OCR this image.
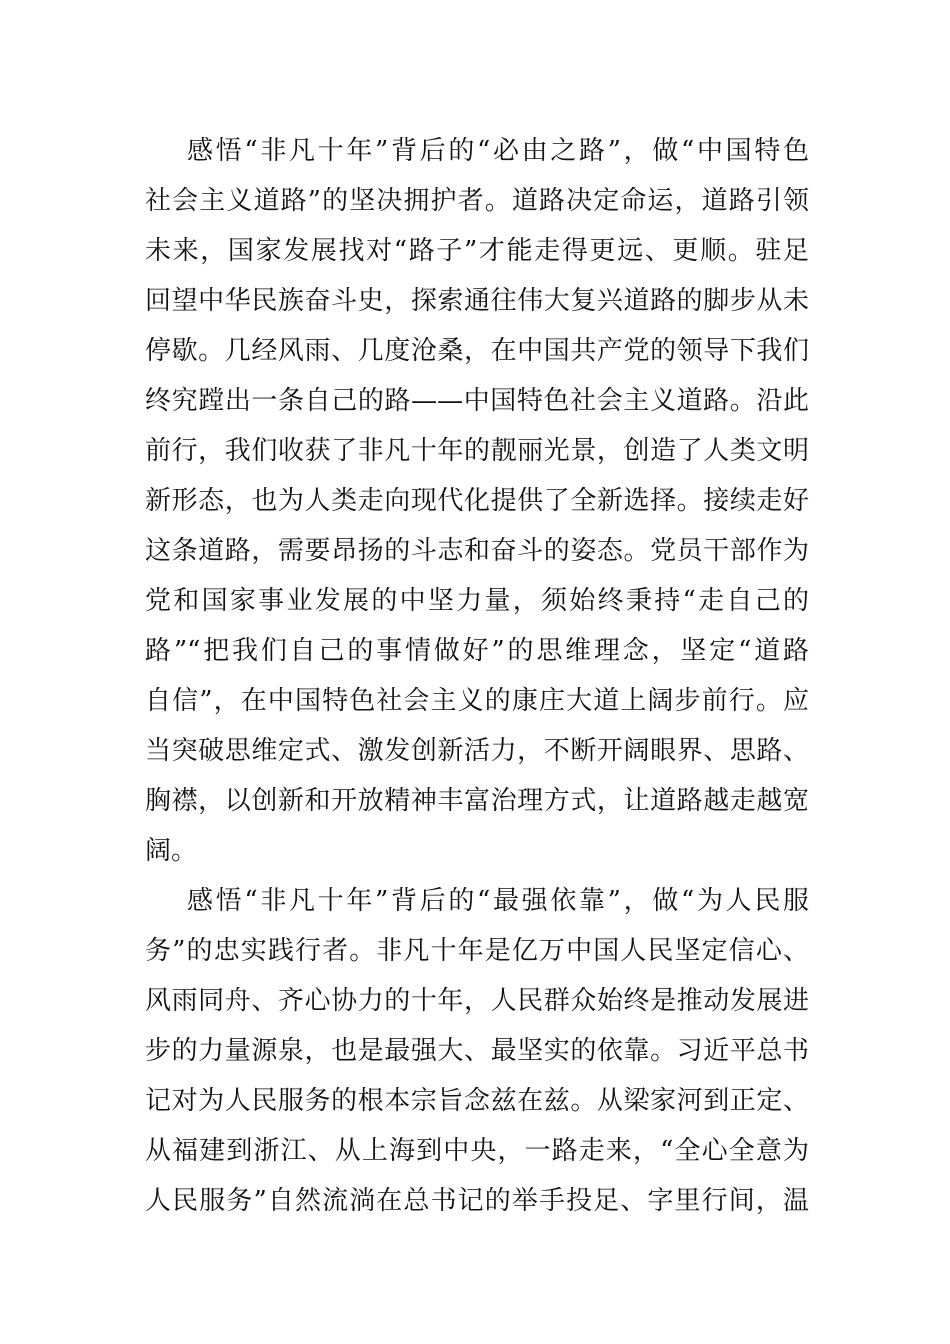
感悟“非凡十年”背后的“必由之路”，做“中国特色
社会主义道路”的坚决拥护者。道路决定命运，道路引领
未来，国家发展找对“路子”才能走得更远、更顺。驻足
回望中华民族奋斗史，探索通往伟大复兴道路的脚步从未
停歇。几经风雨、几度沧桑，在中国共产党的领导下我们
终究蹚出一条自己的路——中国特色社会主义道路。沿此
前行，我们收获了非凡十年的靓丽光景，创造了人类文明
新形态，也为人类走向现代化提供了全新选择。接续走好
这条道路，需要昂扬的斗志和奋斗的姿态。党员干部作为
党和国家事业发展的中坚力量，须始终秉持“走自己的
路”“把我们自己的事情做好”的思维理念，坚定“道路
自信”，在中国特色社会主义的康庄大道上阔步前行。应
当突破思维定式、激发创新活力，不断开阔眼界、思路、
胸襟，以创新和开放精神丰富治理方式，让道路越走越宽
阔。
感悟“非凡十年”背后的“最强依靠”，做“为人民服
务”的忠实践行者。非凡十年是亿万中国人民坚定信心、
风雨同舟、齐心协力的十年，人民群众始终是推动发展进
步的力量源泉，也是最强大、最坚实的依靠。习近平总书
记对为人民服务的根本宗旨念兹在兹。从梁家河到正定、
从福建到浙江、从上海到中央，一路走来，“全心全意为
人民服务”自然流淌在总书记的举手投足、字里行间，温
